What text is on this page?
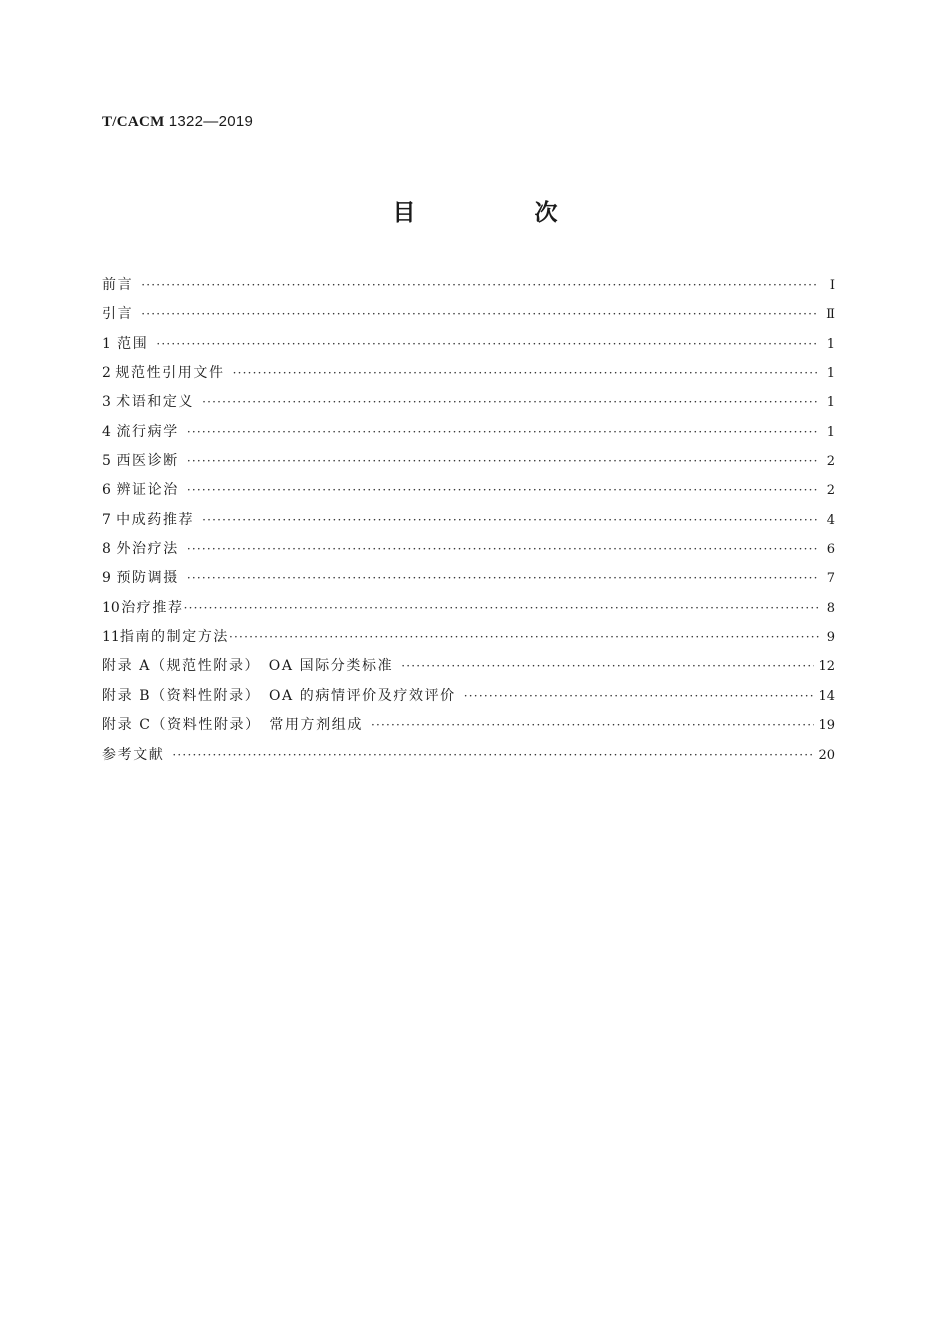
T/CACM 1322—2019
目　次
前言 ·····	Ⅰ
引言 ·····	Ⅱ
1 范围 ·····	1
2 规范性引用文件 ·····	1
3 术语和定义 ·····	1
4 流行病学 ·····	1
5 西医诊断 ·····	2
6 辨证论治 ·····	2
7 中成药推荐 ·····	4
8 外治疗法 ·····	6
9 预防调摄 ·····	7
10 治疗推荐 ·····	8
11 指南的制定方法 ·····	9
附录 A（规范性附录）　OA 国际分类标准 ·····	12
附录 B（资料性附录）　OA 的病情评价及疗效评价 ·····	14
附录 C（资料性附录）　常用方剂组成 ·····	19
参考文献 ·····	20
